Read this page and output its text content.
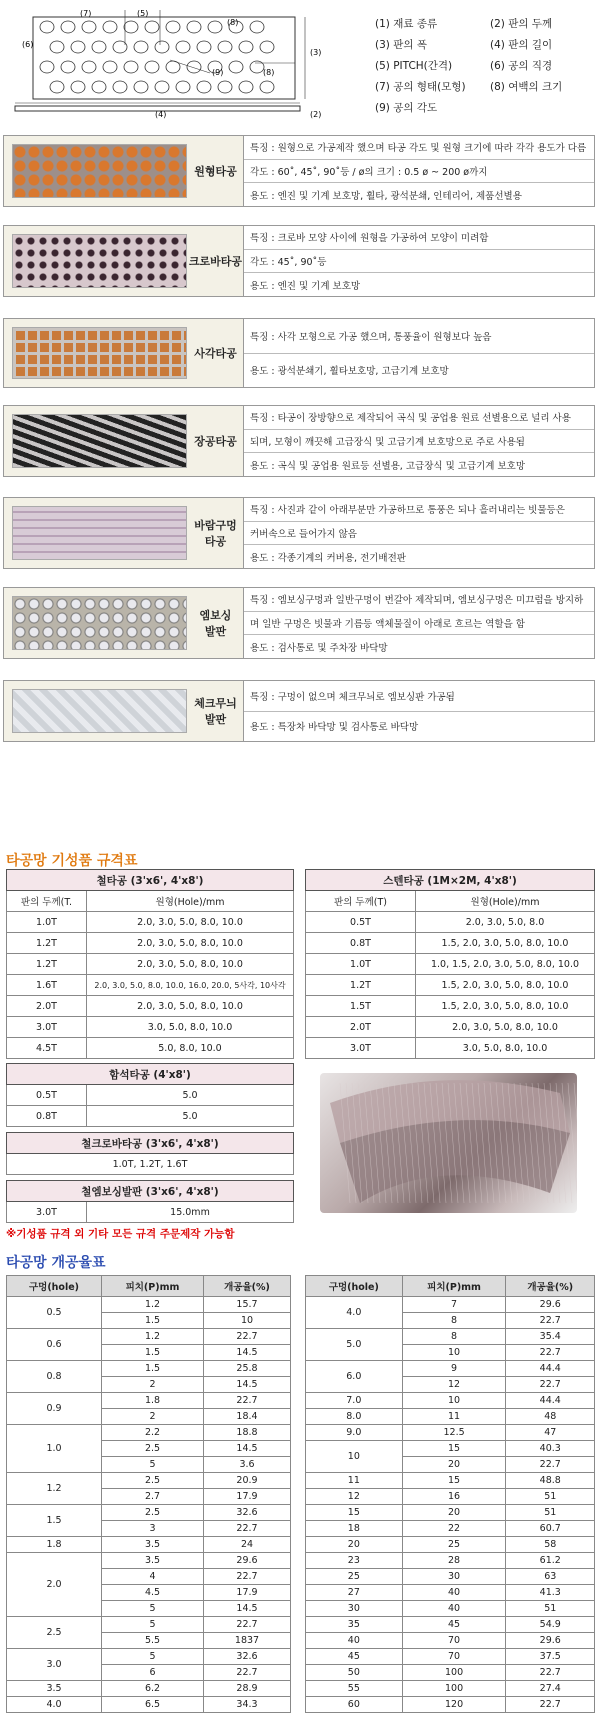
(7)	(5)
(8)
(6)
(3)
(9)	(8)
(4)	(2)
(1) 재료 종류	(2) 판의 두께
(3) 판의 폭	(4) 판의 길이
(5) PITCH(간격)	(6) 공의 직경
(7) 공의 형태(모형)	(8) 여백의 크기
(9) 공의 각도
원형타공
특징 : 원형으로 가공제작 했으며 타공 각도 및 원형 크기에 따라 각각 용도가 다름
각도 : 60˚, 45˚, 90˚등 / ø의 크기 : 0.5 ø ~ 200 ø까지
용도 : 엔진 및 기계 보호망, 휠타, 광석분쇄, 인테리어, 제품선별용
크로바타공
특징 : 크로바 모양 사이에 원형을 가공하여 모양이 미려함
각도 : 45˚, 90˚등
용도 : 엔진 및 기계 보호망
사각타공
특징 : 사각 모형으로 가공 했으며, 통풍율이 원형보다 높음
용도 : 광석분쇄기, 휠타보호망, 고급기계 보호망
장공타공
특징 : 타공이 장방향으로 제작되어 곡식 및 공업용 원료 선별용으로 널리 사용
되며, 모형이 깨끗해 고급장식 및 고급기계 보호망으로 주로 사용됨
용도 : 곡식 및 공업용 원료등 선별용, 고급장식 및 고급기계 보호망
바람구멍
타공
특징 : 사진과 같이 아래부분만 가공하므로 통풍은 되나 흘러내리는 빗물등은
커버속으로 들어가지 않음
용도 : 각종기계의 커버용, 전기배전판
엠보싱
발판
특징 : 엠보싱구멍과 일반구멍이 번갈아 제작되며, 엠보싱구멍은 미끄럼을 방지하
며 일반 구멍은 빗물과 기름등 액체물질이 아래로 흐르는 역할을 함
용도 : 검사통로 및 주차장 바닥망
체크무늬
발판
특징 : 구멍이 없으며 체크무늬로 엠보싱판 가공됨
용도 : 특장차 바닥망 및 검사통로 바닥망
타공망 기성품 규격표
철타공 (3'x6', 4'x8')	
판의 두께(T.	원형(Hole)/mm
1.0T	2.0, 3.0, 5.0, 8.0, 10.0
1.2T	2.0, 3.0, 5.0, 8.0, 10.0
1.2T	2.0, 3.0, 5.0, 8.0, 10.0
1.6T	2.0, 3.0, 5.0, 8.0, 10.0, 16.0, 20.0, 5사각, 10사각
2.0T	2.0, 3.0, 5.0, 8.0, 10.0
3.0T	3.0, 5.0, 8.0, 10.0
4.5T	5.0, 8.0, 10.0
스텐타공 (1M×2M, 4'x8')	
판의 두께(T)	원형(Hole)/mm
0.5T	2.0, 3.0, 5.0, 8.0
0.8T	1.5, 2.0, 3.0, 5.0, 8.0, 10.0
1.0T	1.0, 1.5, 2.0, 3.0, 5.0, 8.0, 10.0
1.2T	1.5, 2.0, 3.0, 5.0, 8.0, 10.0
1.5T	1.5, 2.0, 3.0, 5.0, 8.0, 10.0
2.0T	2.0, 3.0, 5.0, 8.0, 10.0
3.0T	3.0, 5.0, 8.0, 10.0
함석타공 (4'x8')	
0.5T	5.0
0.8T	5.0
철크로바타공 (3'x6', 4'x8')
1.0T, 1.2T, 1.6T
철엠보싱발판 (3'x6', 4'x8')
3.0T	15.0mm
※기성품 규격 외 기타 모든 규격 주문제작 가능함
타공망 개공율표
구멍(hole)	피치(P)mm	개공율(%)
0.5	1.2	15.7
	1.5	10
0.6	1.2	22.7
	1.5	14.5
0.8	1.5	25.8
	2	14.5
0.9	1.8	22.7
	2	18.4
1.0	2.2	18.8
	2.5	14.5
	5	3.6
1.2	2.5	20.9
	2.7	17.9
1.5	2.5	32.6
	3	22.7
1.8	3.5	24
2.0	3.5	29.6
	4	22.7
	4.5	17.9
	5	14.5
2.5	5	22.7
	5.5	1837
3.0	5	32.6
	6	22.7
3.5	6.2	28.9
4.0	6.5	34.3
구멍(hole)	피치(P)mm	개공율(%)
4.0	7	29.6
	8	22.7
5.0	8	35.4
	10	22.7
6.0	9	44.4
	12	22.7
7.0	10	44.4
8.0	11	48
9.0	12.5	47
10	15	40.3
	20	22.7
11	15	48.8
12	16	51
15	20	51
18	22	60.7
20	25	58
23	28	61.2
25	30	63
27	40	41.3
30	40	51
35	45	54.9
40	70	29.6
45	70	37.5
50	100	22.7
55	100	27.4
60	120	22.7
